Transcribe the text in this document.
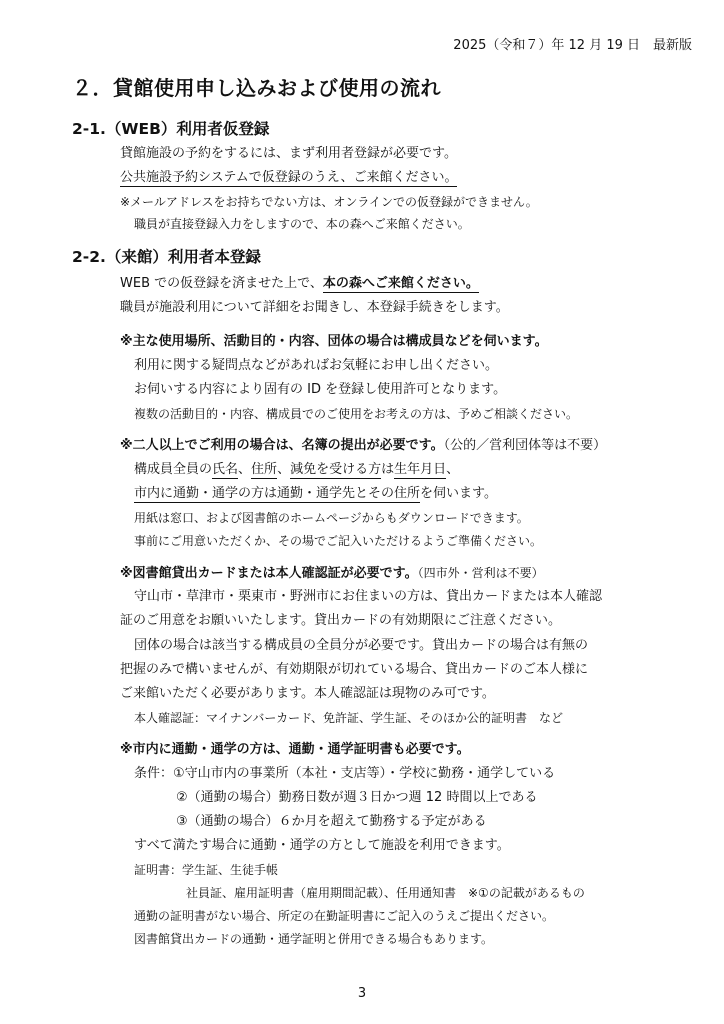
2025（令和７）年 12 月 19 日　最新版
２．貸館使用申し込みおよび使用の流れ
2-1.（WEB）利用者仮登録
貸館施設の予約をするには、まず利用者登録が必要です。
公共施設予約システムで仮登録のうえ、ご来館ください。
※メールアドレスをお持ちでない方は、オンラインでの仮登録ができません。
職員が直接登録入力をしますので、本の森へご来館ください。
2-2.（来館）利用者本登録
WEB での仮登録を済ませた上で、本の森へご来館ください。
職員が施設利用について詳細をお聞きし、本登録手続きをします。
※主な使用場所、活動目的・内容、団体の場合は構成員などを伺います。
利用に関する疑問点などがあればお気軽にお申し出ください。
お伺いする内容により固有の ID を登録し使用許可となります。
複数の活動目的・内容、構成員でのご使用をお考えの方は、予めご相談ください。
※二人以上でご利用の場合は、名簿の提出が必要です。（公的／営利団体等は不要）
構成員全員の氏名、住所、減免を受ける方は生年月日、
市内に通勤・通学の方は通勤・通学先とその住所を伺います。
用紙は窓口、および図書館のホームページからもダウンロードできます。
事前にご用意いただくか、その場でご記入いただけるようご準備ください。
※図書館貸出カードまたは本人確認証が必要です。（四市外・営利は不要）
守山市・草津市・栗東市・野洲市にお住まいの方は、貸出カードまたは本人確認
証のご用意をお願いいたします。貸出カードの有効期限にご注意ください。
団体の場合は該当する構成員の全員分が必要です。貸出カードの場合は有無の
把握のみで構いませんが、有効期限が切れている場合、貸出カードのご本人様に
ご来館いただく必要があります。本人確認証は現物のみ可です。
本人確認証：マイナンバーカード、免許証、学生証、そのほか公的証明書　など
※市内に通勤・通学の方は、通勤・通学証明書も必要です。
条件：①守山市内の事業所（本社・支店等）・学校に勤務・通学している
②（通勤の場合）勤務日数が週３日かつ週 12 時間以上である
③（通勤の場合）６か月を超えて勤務する予定がある
すべて満たす場合に通勤・通学の方として施設を利用できます。
証明書：学生証、生徒手帳
社員証、雇用証明書（雇用期間記載）、任用通知書　※①の記載があるもの
通勤の証明書がない場合、所定の在勤証明書にご記入のうえご提出ください。
図書館貸出カードの通勤・通学証明と併用できる場合もあります。
3
